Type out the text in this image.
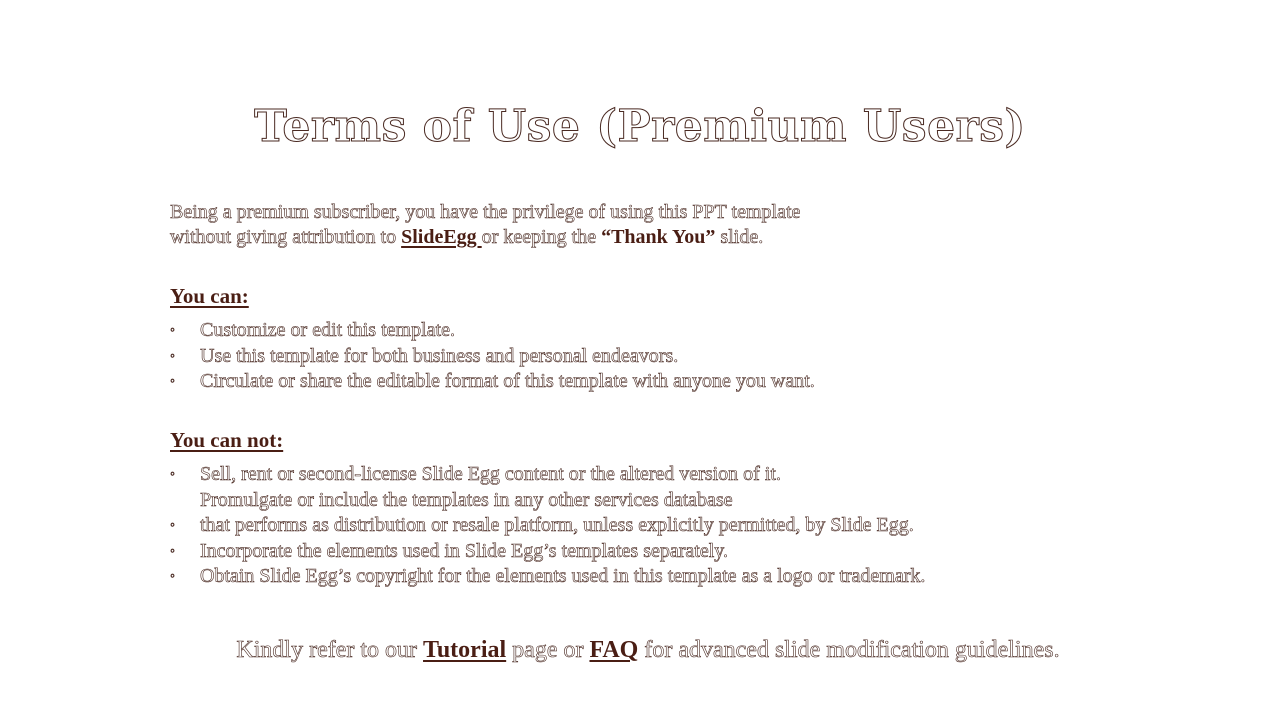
Terms of Use (Premium Users)
Being a premium subscriber, you have the privilege of using this PPT template
without giving attribution to SlideEgg or keeping the “Thank You” slide.
You can:
◦ Customize or edit this template.
◦ Use this template for both business and personal endeavors.
◦ Circulate or share the editable format of this template with anyone you want.
You can not:
◦ Sell, rent or second-license Slide Egg content or the altered version of it.
Promulgate or include the templates in any other services database
◦ that performs as distribution or resale platform, unless explicitly permitted, by Slide Egg.
◦ Incorporate the elements used in Slide Egg’s templates separately.
◦ Obtain Slide Egg’s copyright for the elements used in this template as a logo or trademark.
Kindly refer to our Tutorial page or FAQ for advanced slide modification guidelines.
